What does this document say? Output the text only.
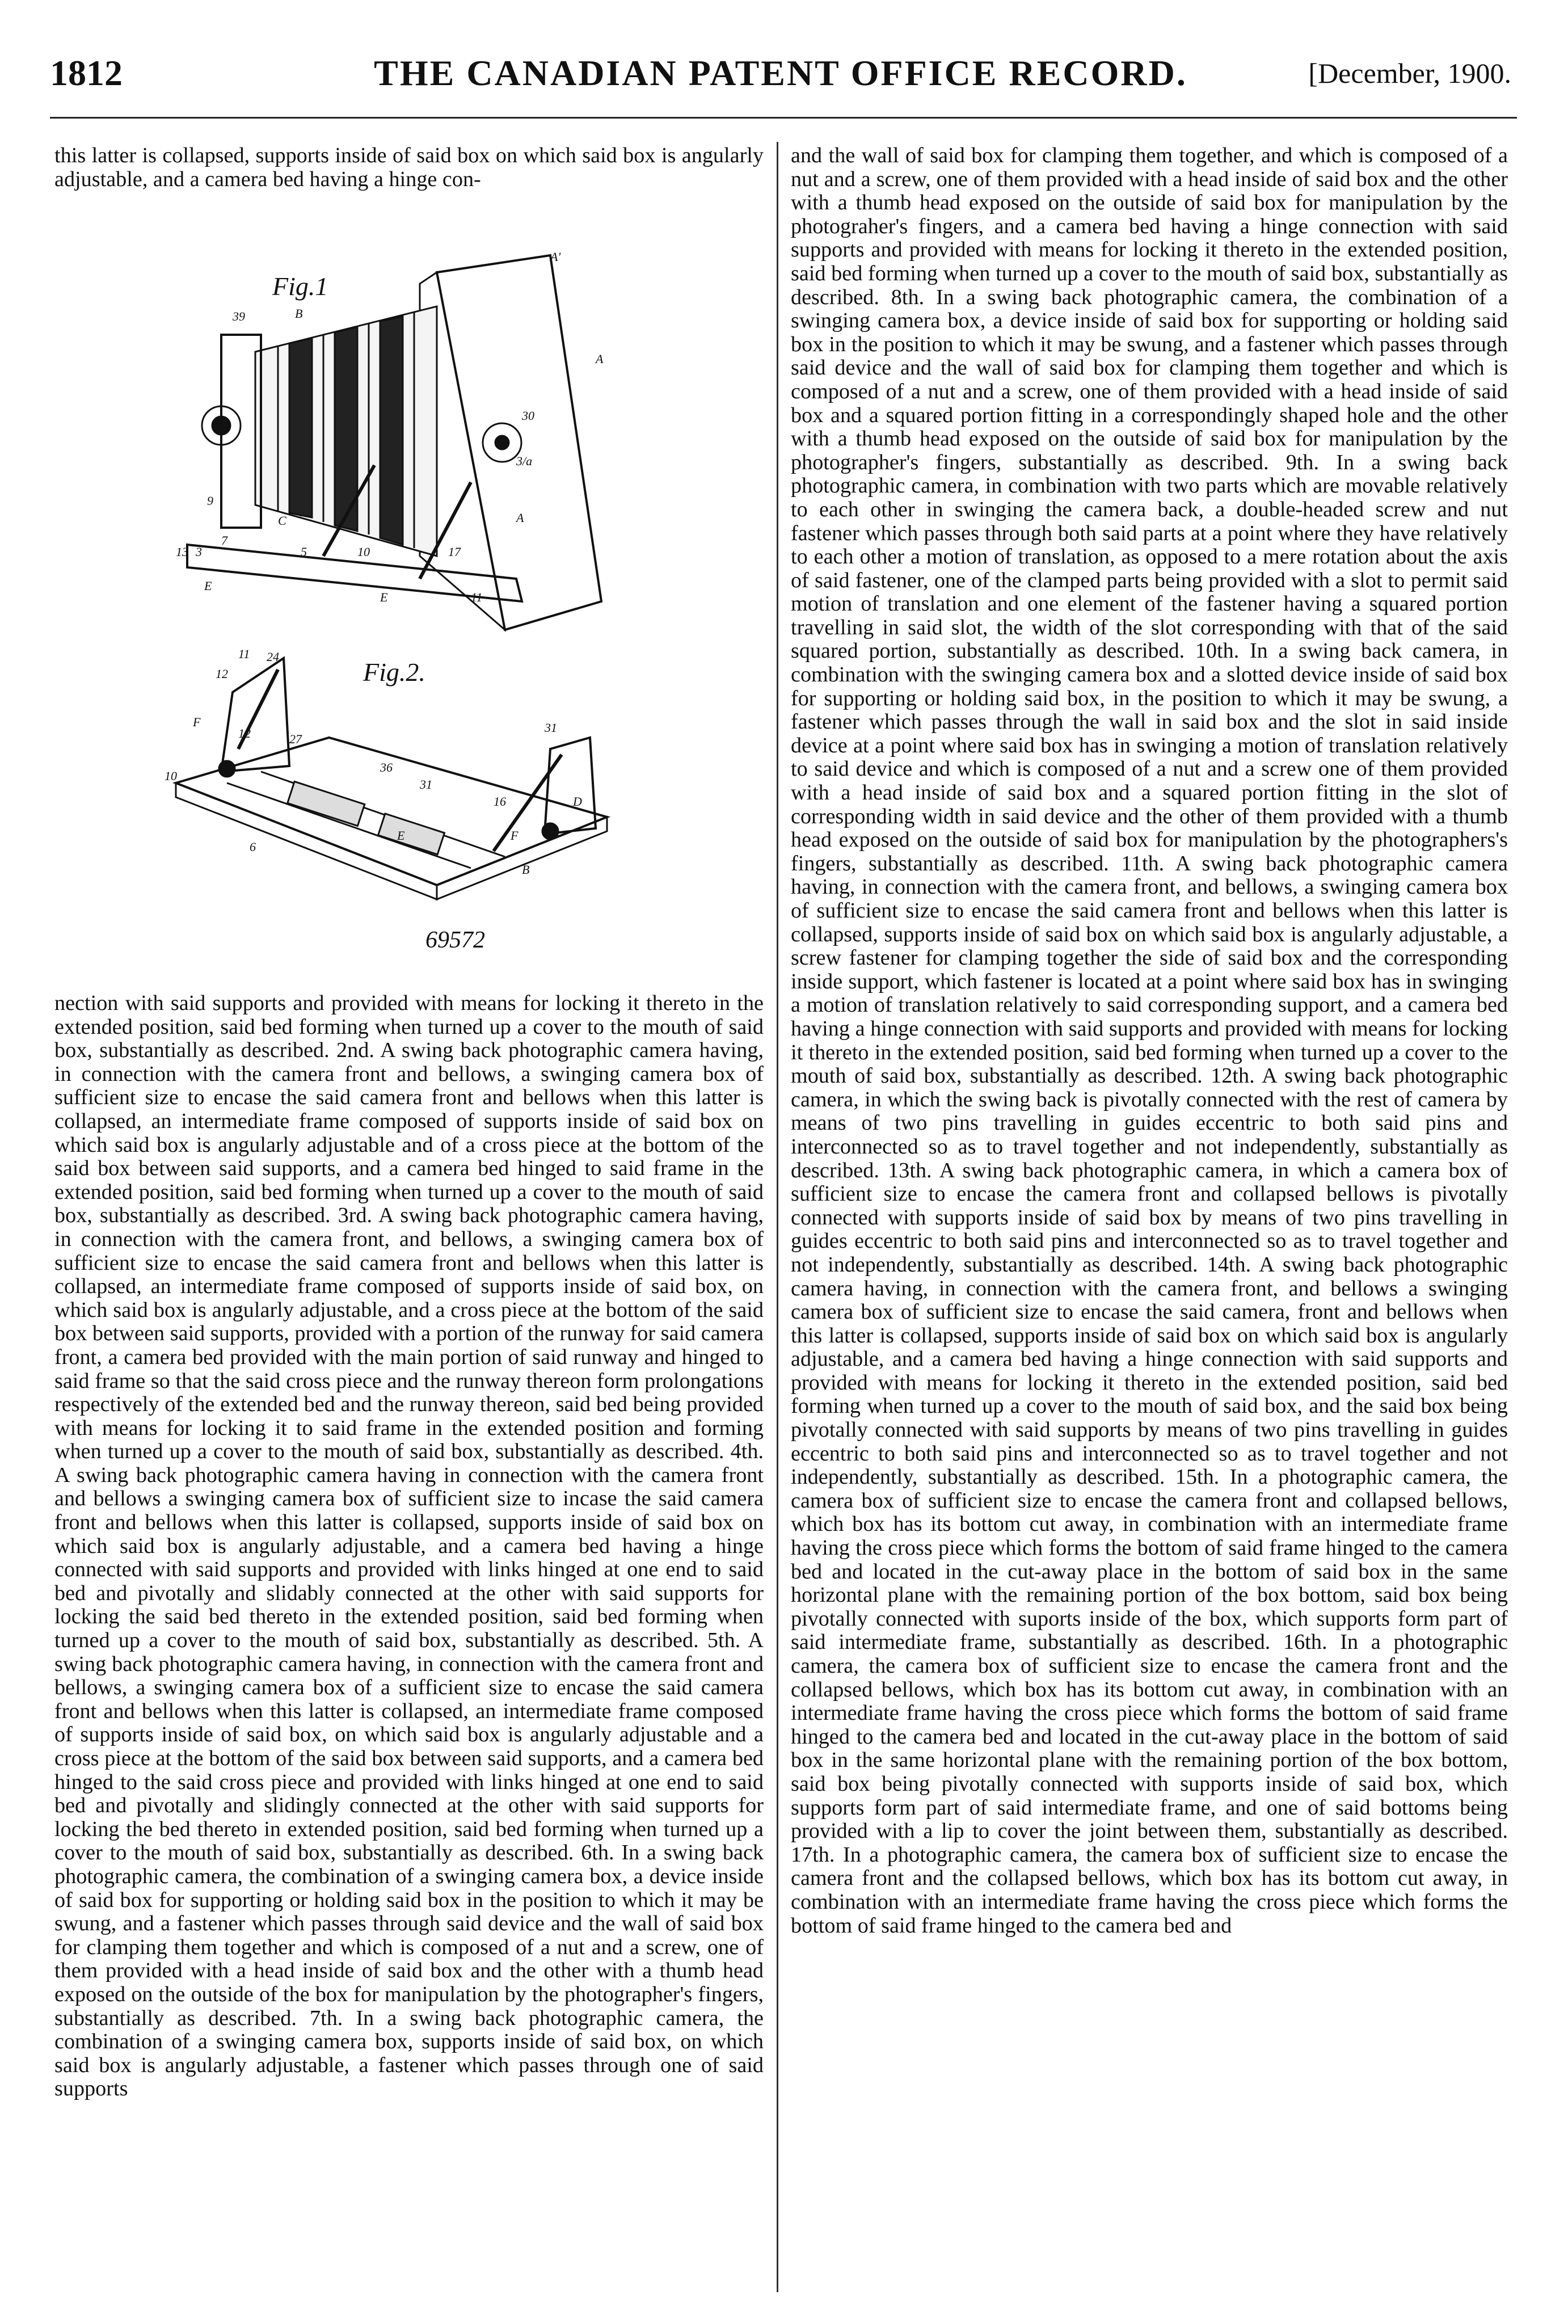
1812	THE CANADIAN PATENT OFFICE RECORD.	[December, 1900.

this latter is collapsed, supports inside of said box on which said box is angularly adjustable, and a camera bed having a hinge con-

Fig.1
A'
B
39
A
A
C
9
7
5	10
13 3
E
E
17
11
30
3/a
Fig.2.
11
12
24
F
12	27
10
36
31
E
16
B
6
F
31
D
69572

nection with said supports and provided with means for locking it thereto in the extended position, said bed forming when turned up a cover to the mouth of said box, substantially as described. 2nd. A swing back photographic camera having, in connection with the camera front and bellows, a swinging camera box of sufficient size to encase the said camera front and bellows when this latter is collapsed, an intermediate frame composed of supports inside of said box on which said box is angularly adjustable and of a cross piece at the bottom of the said box between said supports, and a camera bed hinged to said frame in the extended position, said bed forming when turned up a cover to the mouth of said box, substantially as described. 3rd. A swing back photographic camera having, in connection with the camera front, and bellows, a swinging camera box of sufficient size to encase the said camera front and bellows when this latter is collapsed, an intermediate frame composed of supports inside of said box, on which said box is angularly adjustable, and a cross piece at the bottom of the said box between said supports, provided with a portion of the runway for said camera front, a camera bed provided with the main portion of said runway and hinged to said frame so that the said cross piece and the runway thereon form prolongations respectively of the extended bed and the runway thereon, said bed being provided with means for locking it to said frame in the extended position and forming when turned up a cover to the mouth of said box, substantially as described. 4th. A swing back photographic camera having in connection with the camera front and bellows a swinging camera box of sufficient size to incase the said camera front and bellows when this latter is collapsed, supports inside of said box on which said box is angularly adjustable, and a camera bed having a hinge connected with said supports and provided with links hinged at one end to said bed and pivotally and slidably connected at the other with said supports for locking the said bed thereto in the extended position, said bed forming when turned up a cover to the mouth of said box, substantially as described. 5th. A swing back photographic camera having, in connection with the camera front and bellows, a swinging camera box of a sufficient size to encase the said camera front and bellows when this latter is collapsed, an intermediate frame composed of supports inside of said box, on which said box is angularly adjustable and a cross piece at the bottom of the said box between said supports, and a camera bed hinged to the said cross piece and provided with links hinged at one end to said bed and pivotally and slidingly connected at the other with said supports for locking the bed thereto in extended position, said bed forming when turned up a cover to the mouth of said box, substantially as described. 6th. In a swing back photographic camera, the combination of a swinging camera box, a device inside of said box for supporting or holding said box in the position to which it may be swung, and a fastener which passes through said device and the wall of said box for clamping them together and which is composed of a nut and a screw, one of them provided with a head inside of said box and the other with a thumb head exposed on the outside of the box for manipulation by the photographer's fingers, substantially as described. 7th. In a swing back photographic camera, the combination of a swinging camera box, supports inside of said box, on which said box is angularly adjustable, a fastener which passes through one of said supports

and the wall of said box for clamping them together, and which is composed of a nut and a screw, one of them provided with a head inside of said box and the other with a thumb head exposed on the outside of said box for manipulation by the photograher's fingers, and a camera bed having a hinge connection with said supports and provided with means for locking it thereto in the extended position, said bed forming when turned up a cover to the mouth of said box, substantially as described. 8th. In a swing back photographic camera, the combination of a swinging camera box, a device inside of said box for supporting or holding said box in the position to which it may be swung, and a fastener which passes through said device and the wall of said box for clamping them together and which is composed of a nut and a screw, one of them provided with a head inside of said box and a squared portion fitting in a correspondingly shaped hole and the other with a thumb head exposed on the outside of said box for manipulation by the photographer's fingers, substantially as described. 9th. In a swing back photographic camera, in combination with two parts which are movable relatively to each other in swinging the camera back, a double-headed screw and nut fastener which passes through both said parts at a point where they have relatively to each other a motion of translation, as opposed to a mere rotation about the axis of said fastener, one of the clamped parts being provided with a slot to permit said motion of translation and one element of the fastener having a squared portion travelling in said slot, the width of the slot corresponding with that of the said squared portion, substantially as described. 10th. In a swing back camera, in combination with the swinging camera box and a slotted device inside of said box for supporting or holding said box, in the position to which it may be swung, a fastener which passes through the wall in said box and the slot in said inside device at a point where said box has in swinging a motion of translation relatively to said device and which is composed of a nut and a screw one of them provided with a head inside of said box and a squared portion fitting in the slot of corresponding width in said device and the other of them provided with a thumb head exposed on the outside of said box for manipulation by the photographers's fingers, substantially as described. 11th. A swing back photographic camera having, in connection with the camera front, and bellows, a swinging camera box of sufficient size to encase the said camera front and bellows when this latter is collapsed, supports inside of said box on which said box is angularly adjustable, a screw fastener for clamping together the side of said box and the corresponding inside support, which fastener is located at a point where said box has in swinging a motion of translation relatively to said corresponding support, and a camera bed having a hinge connection with said supports and provided with means for locking it thereto in the extended position, said bed forming when turned up a cover to the mouth of said box, substantially as described. 12th. A swing back photographic camera, in which the swing back is pivotally connected with the rest of camera by means of two pins travelling in guides eccentric to both said pins and interconnected so as to travel together and not independently, substantially as described. 13th. A swing back photographic camera, in which a camera box of sufficient size to encase the camera front and collapsed bellows is pivotally connected with supports inside of said box by means of two pins travelling in guides eccentric to both said pins and interconnected so as to travel together and not independently, substantially as described. 14th. A swing back photographic camera having, in connection with the camera front, and bellows a swinging camera box of sufficient size to encase the said camera, front and bellows when this latter is collapsed, supports inside of said box on which said box is angularly adjustable, and a camera bed having a hinge connection with said supports and provided with means for locking it thereto in the extended position, said bed forming when turned up a cover to the mouth of said box, and the said box being pivotally connected with said supports by means of two pins travelling in guides eccentric to both said pins and interconnected so as to travel together and not independently, substantially as described. 15th. In a photographic camera, the camera box of sufficient size to encase the camera front and collapsed bellows, which box has its bottom cut away, in combination with an intermediate frame having the cross piece which forms the bottom of said frame hinged to the camera bed and located in the cut-away place in the bottom of said box in the same horizontal plane with the remaining portion of the box bottom, said box being pivotally connected with suports inside of the box, which supports form part of said intermediate frame, substantially as described. 16th. In a photographic camera, the camera box of sufficient size to encase the camera front and the collapsed bellows, which box has its bottom cut away, in combination with an intermediate frame having the cross piece which forms the bottom of said frame hinged to the camera bed and located in the cut-away place in the bottom of said box in the same horizontal plane with the remaining portion of the box bottom, said box being pivotally connected with supports inside of said box, which supports form part of said intermediate frame, and one of said bottoms being provided with a lip to cover the joint between them, substantially as described. 17th. In a photographic camera, the camera box of sufficient size to encase the camera front and the collapsed bellows, which box has its bottom cut away, in combination with an intermediate frame having the cross piece which forms the bottom of said frame hinged to the camera bed and
